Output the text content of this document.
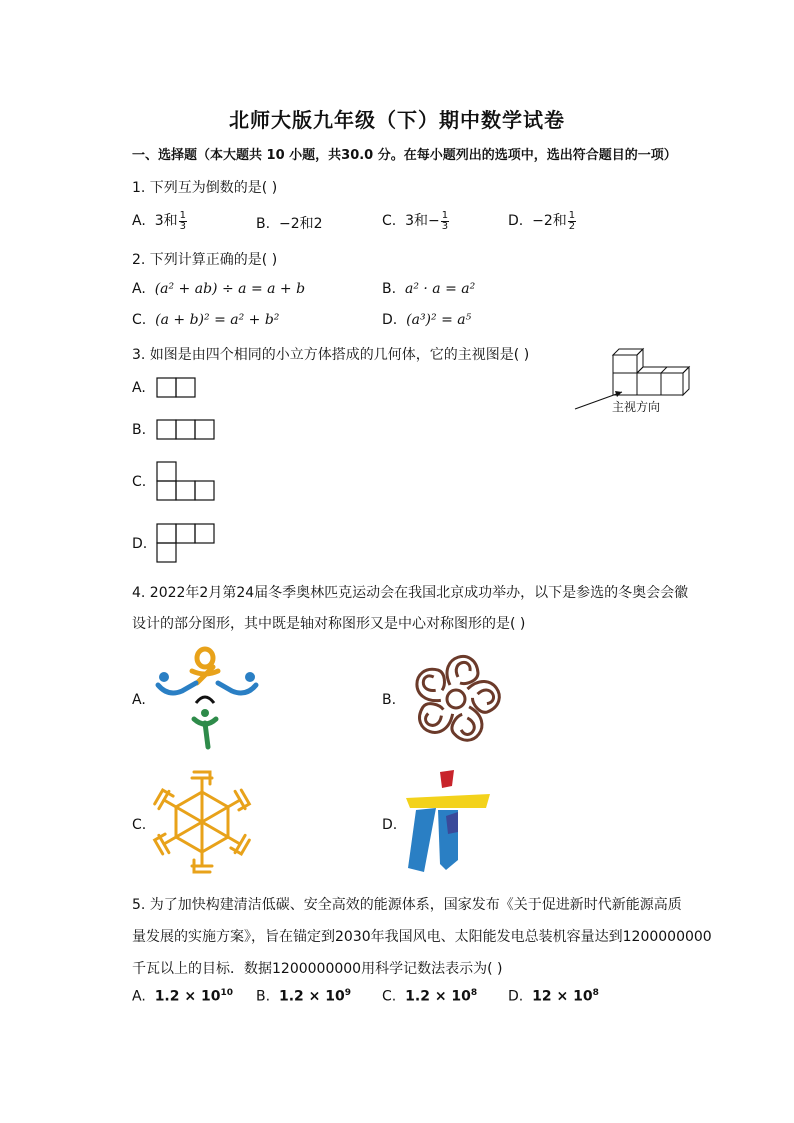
北师大版九年级（下）期中数学试卷
一、选择题（本大题共 10 小题，共30.0 分。在每小题列出的选项中，选出符合题目的一项）
1. 下列互为倒数的是( )
A. 3和 $\frac{1}{3}$	B. −2和2	C. 3和− $\frac{1}{3}$	D. −2和 $\frac{1}{2}$
2. 下列计算正确的是( )
A. (a² + ab) ÷ a = a + b	B. a² · a = a²
C. (a + b)² = a² + b²	D. (a³)² = a⁵
3. 如图是由四个相同的小立方体搭成的几何体，它的主视图是( )
主视方向
A.
B.
C.
D.
4. 2022年2月第24届冬季奥林匹克运动会在我国北京成功举办，以下是参选的冬奥会会徽
设计的部分图形，其中既是轴对称图形又是中心对称图形的是( )
A.	B.
C.	D.
5. 为了加快构建清洁低碳、安全高效的能源体系，国家发布《关于促进新时代新能源高质
量发展的实施方案》，旨在锚定到2030年我国风电、太阳能发电总装机容量达到1200000000
千瓦以上的目标．数据1200000000用科学记数法表示为( )
A. $1.2 \times 10^{10}$ B. $1.2 \times 10^9$ C. $1.2 \times 10^8$ D. $12 \times 10^8$
